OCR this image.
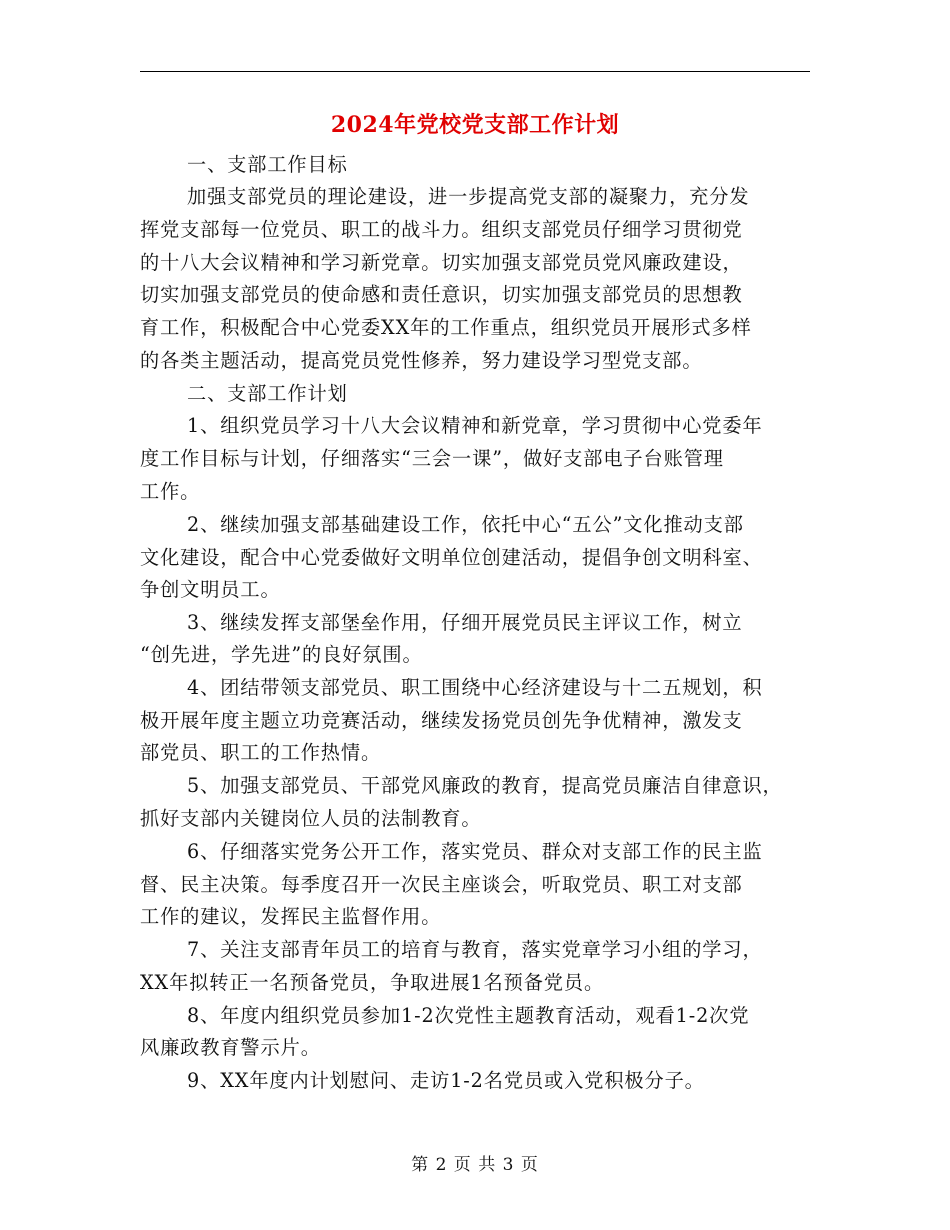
2024年党校党支部工作计划
一、支部工作目标
加强支部党员的理论建设，进一步提高党支部的凝聚力，充分发
挥党支部每一位党员、职工的战斗力。组织支部党员仔细学习贯彻党
的十八大会议精神和学习新党章。切实加强支部党员党风廉政建设，
切实加强支部党员的使命感和责任意识，切实加强支部党员的思想教
育工作，积极配合中心党委XX年的工作重点，组织党员开展形式多样
的各类主题活动，提高党员党性修养，努力建设学习型党支部。
二、支部工作计划
1、组织党员学习十八大会议精神和新党章，学习贯彻中心党委年
度工作目标与计划，仔细落实“三会一课”，做好支部电子台账管理
工作。
2、继续加强支部基础建设工作，依托中心“五公”文化推动支部
文化建设，配合中心党委做好文明单位创建活动，提倡争创文明科室、
争创文明员工。
3、继续发挥支部堡垒作用，仔细开展党员民主评议工作，树立
“创先进，学先进”的良好氛围。
4、团结带领支部党员、职工围绕中心经济建设与十二五规划，积
极开展年度主题立功竞赛活动，继续发扬党员创先争优精神，激发支
部党员、职工的工作热情。
5、加强支部党员、干部党风廉政的教育，提高党员廉洁自律意识，
抓好支部内关键岗位人员的法制教育。
6、仔细落实党务公开工作，落实党员、群众对支部工作的民主监
督、民主决策。每季度召开一次民主座谈会，听取党员、职工对支部
工作的建议，发挥民主监督作用。
7、关注支部青年员工的培育与教育，落实党章学习小组的学习，
XX年拟转正一名预备党员，争取进展1名预备党员。
8、年度内组织党员参加1-2次党性主题教育活动，观看1-2次党
风廉政教育警示片。
9、XX年度内计划慰问、走访1-2名党员或入党积极分子。
第 2 页 共 3 页
